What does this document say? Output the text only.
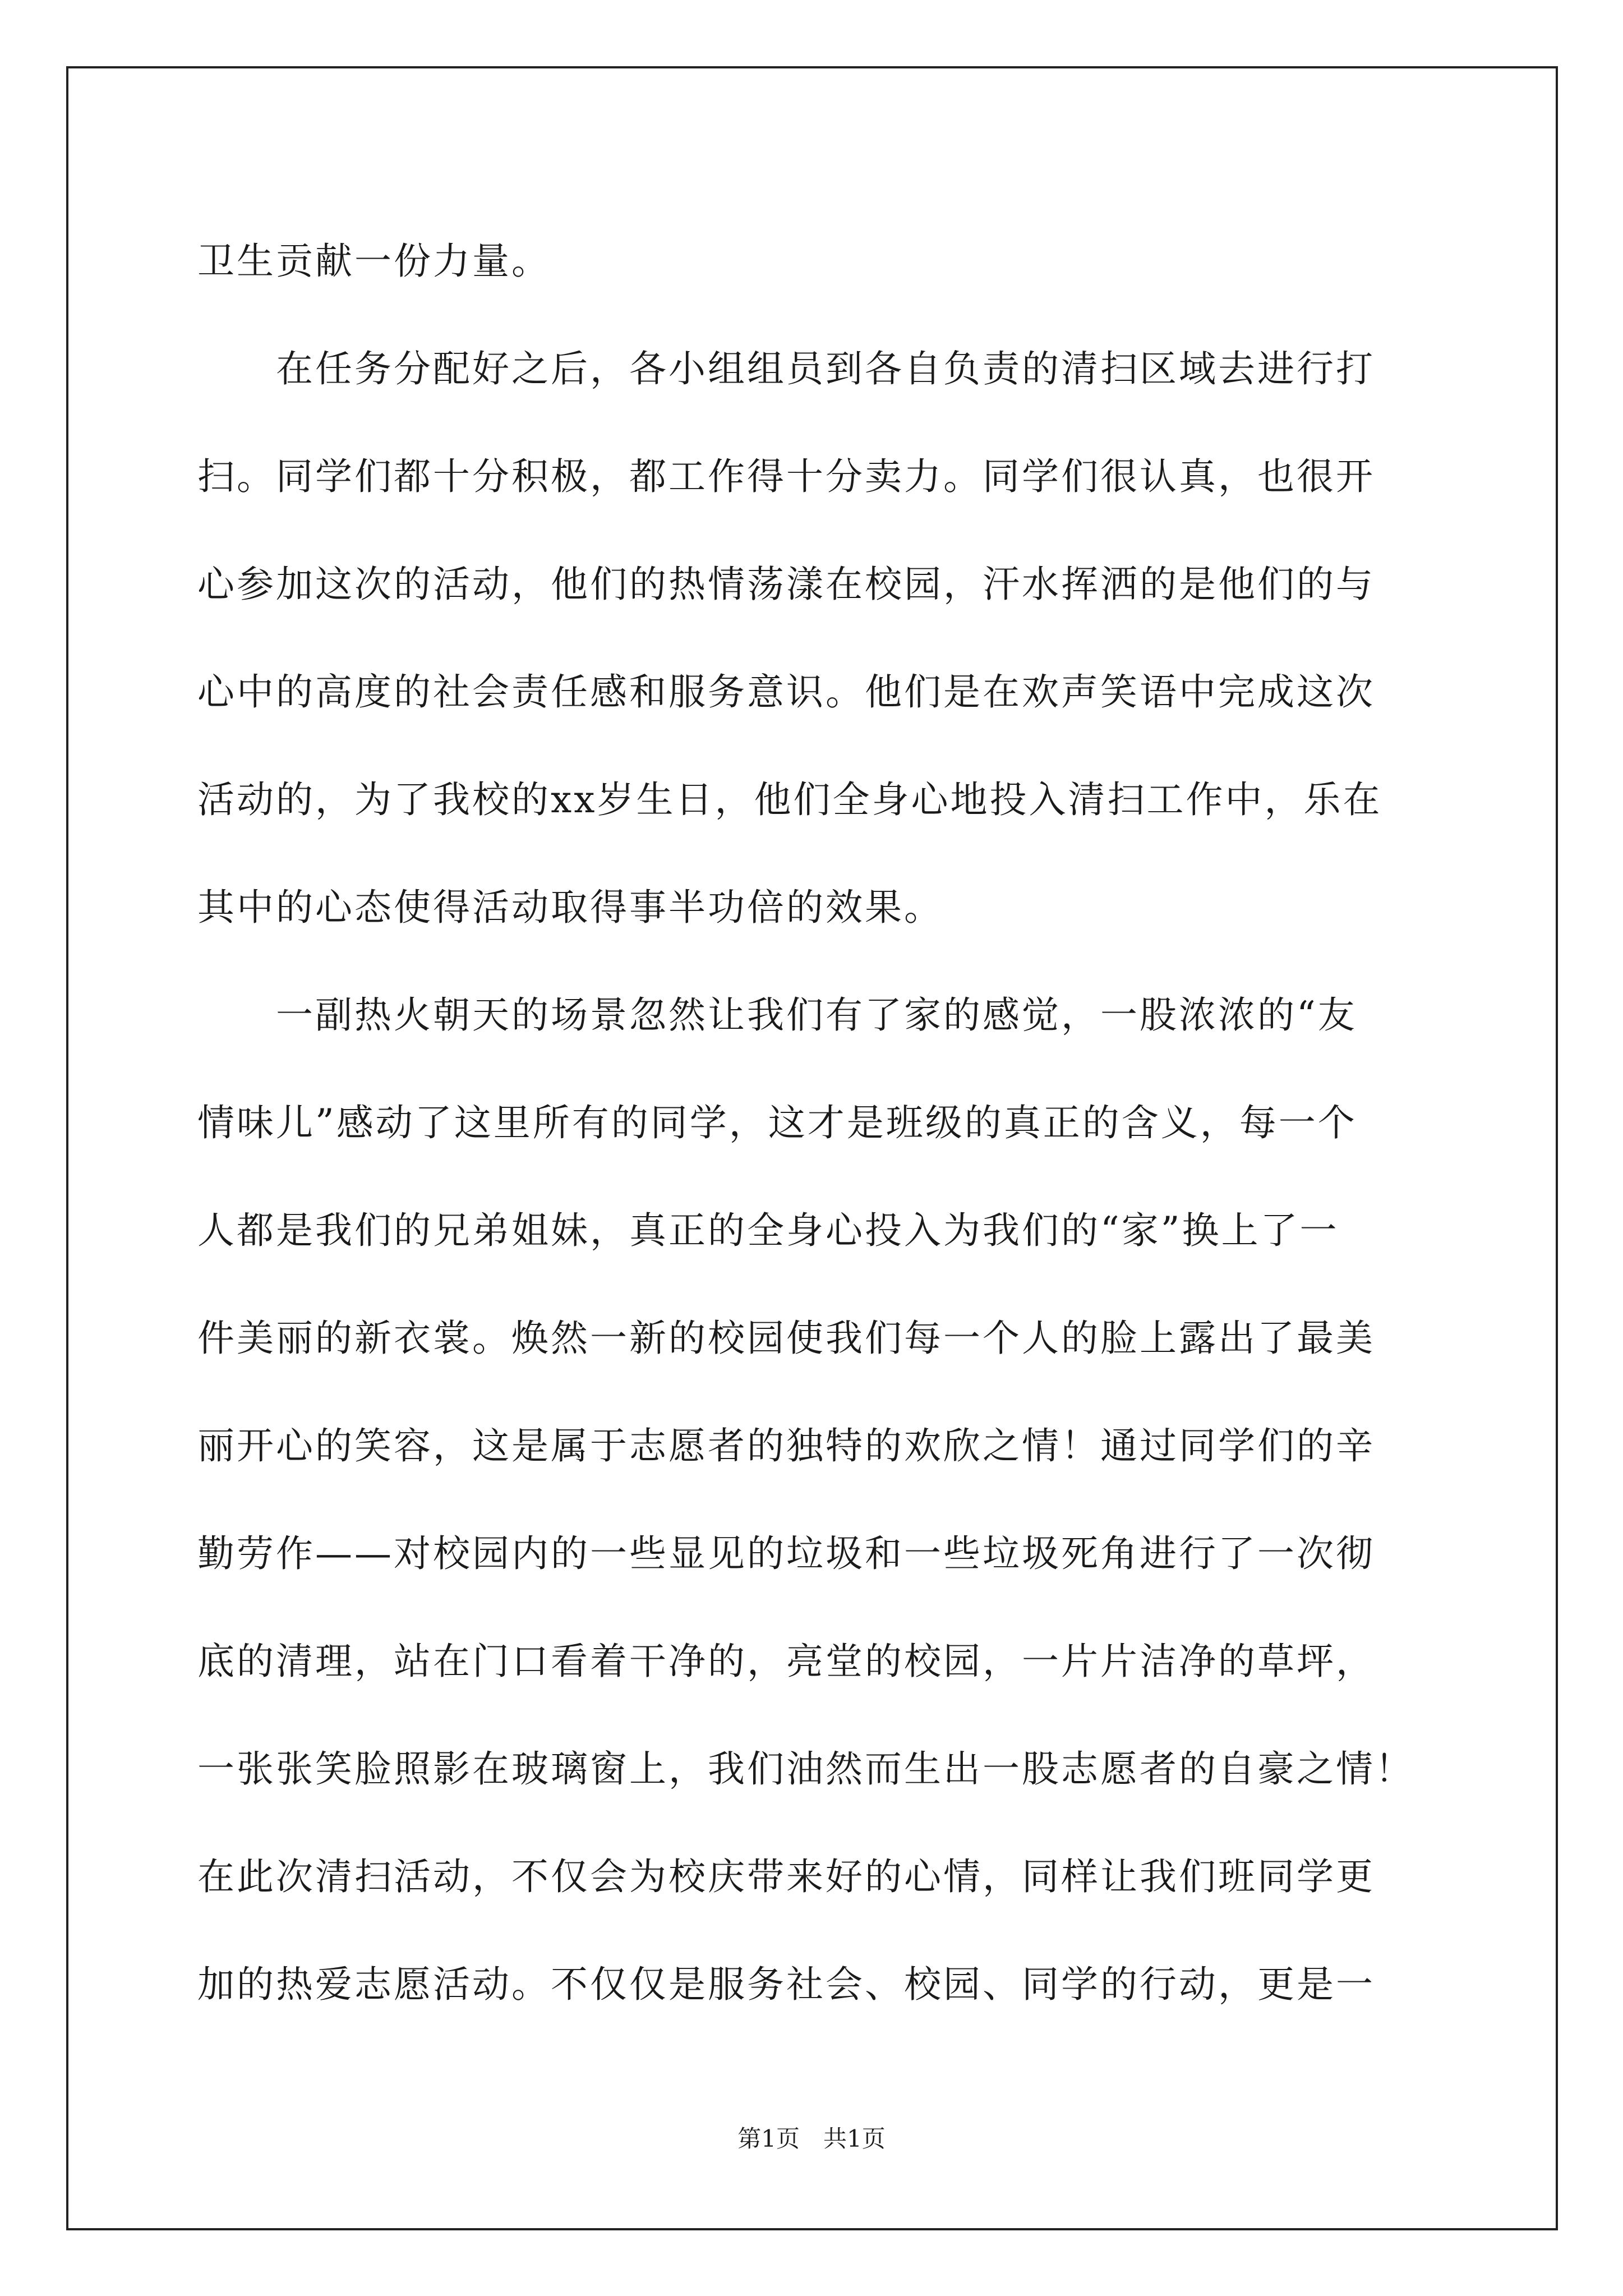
卫生贡献一份力量。
在任务分配好之后，各小组组员到各自负责的清扫区域去进行打
扫。同学们都十分积极，都工作得十分卖力。同学们很认真，也很开
心参加这次的活动，他们的热情荡漾在校园，汗水挥洒的是他们的与
心中的高度的社会责任感和服务意识。他们是在欢声笑语中完成这次
活动的，为了我校的xx岁生日，他们全身心地投入清扫工作中，乐在
其中的心态使得活动取得事半功倍的效果。
一副热火朝天的场景忽然让我们有了家的感觉，一股浓浓的“友
情味儿”感动了这里所有的同学，这才是班级的真正的含义，每一个
人都是我们的兄弟姐妹，真正的全身心投入为我们的“家”换上了一
件美丽的新衣裳。焕然一新的校园使我们每一个人的脸上露出了最美
丽开心的笑容，这是属于志愿者的独特的欢欣之情！通过同学们的辛
勤劳作——对校园内的一些显见的垃圾和一些垃圾死角进行了一次彻
底的清理，站在门口看着干净的，亮堂的校园，一片片洁净的草坪，
一张张笑脸照影在玻璃窗上，我们油然而生出一股志愿者的自豪之情！
在此次清扫活动，不仅会为校庆带来好的心情，同样让我们班同学更
加的热爱志愿活动。不仅仅是服务社会、校园、同学的行动，更是一
第1页　共1页
